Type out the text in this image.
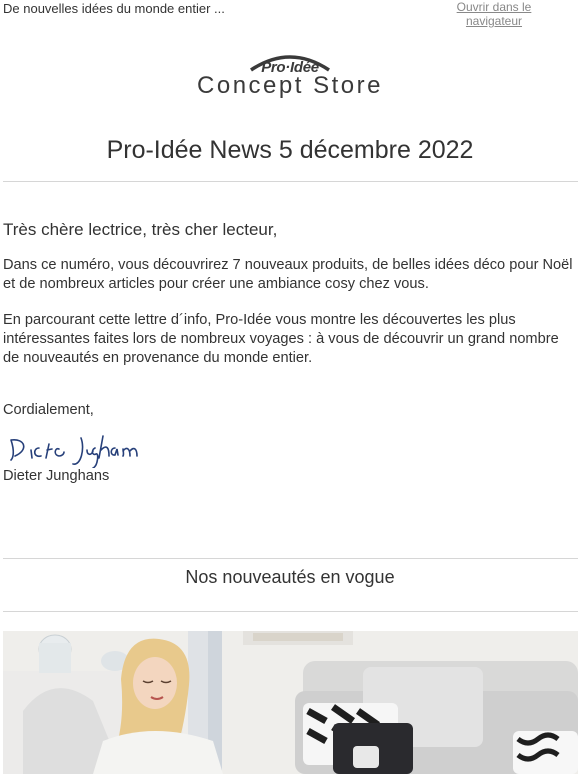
De nouvelles idées du monde entier ...	Ouvrir dans le navigateur
Pro·Idée
Concept Store
Pro-Idée News 5 décembre 2022
Très chère lectrice, très cher lecteur,
Dans ce numéro, vous découvrirez 7 nouveaux produits, de belles idées déco pour Noël et de nombreux articles pour créer une ambiance cosy chez vous.
En parcourant cette lettre d´info, Pro-Idée vous montre les découvertes les plus intéressantes faites lors de nombreux voyages : à vous de découvrir un grand nombre de nouveautés en provenance du monde entier.
Cordialement,
Dieter Junghans
Nos nouveautés en vogue
